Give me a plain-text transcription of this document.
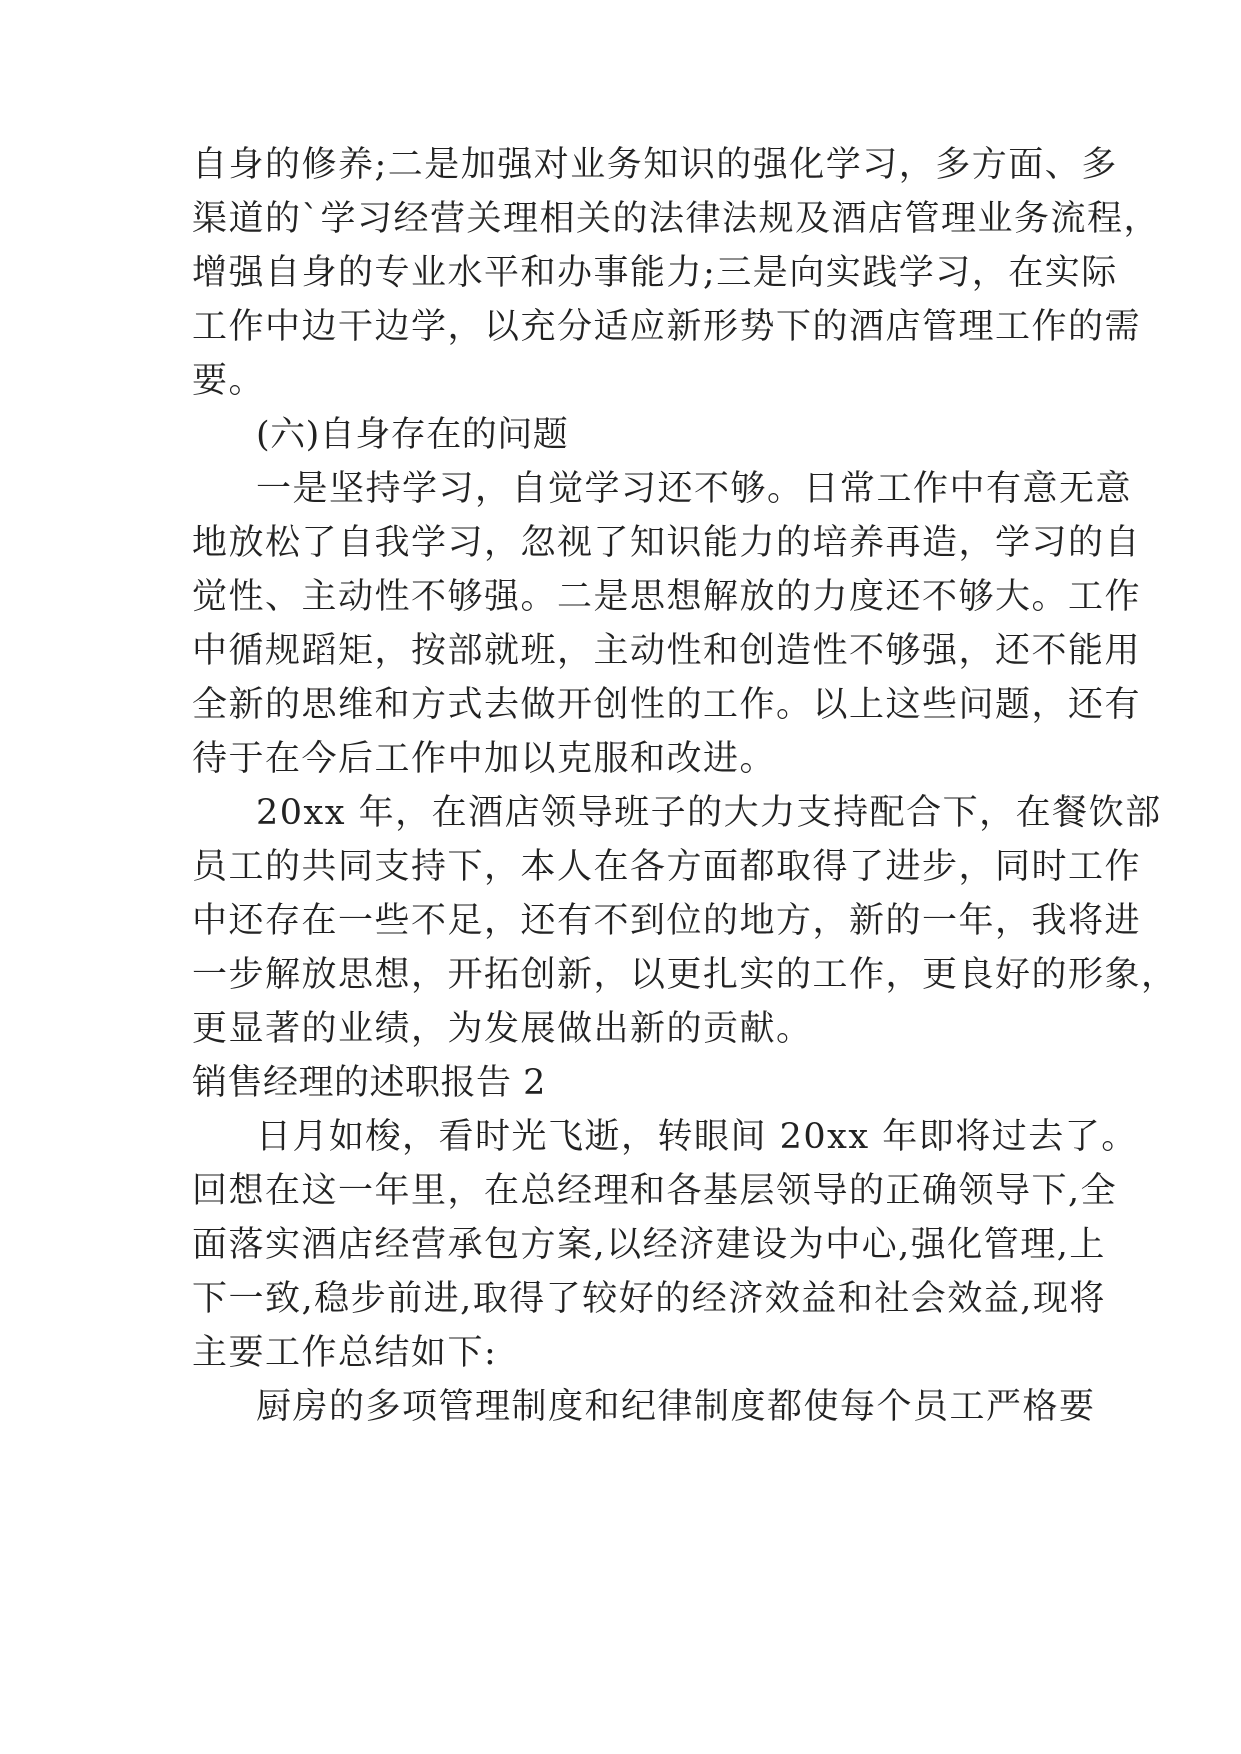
自身的修养;二是加强对业务知识的强化学习，多方面、多
渠道的`学习经营关理相关的法律法规及酒店管理业务流程，
增强自身的专业水平和办事能力;三是向实践学习，在实际
工作中边干边学，以充分适应新形势下的酒店管理工作的需
要。
(六)自身存在的问题
一是坚持学习，自觉学习还不够。日常工作中有意无意
地放松了自我学习，忽视了知识能力的培养再造，学习的自
觉性、主动性不够强。二是思想解放的力度还不够大。工作
中循规蹈矩，按部就班，主动性和创造性不够强，还不能用
全新的思维和方式去做开创性的工作。以上这些问题，还有
待于在今后工作中加以克服和改进。
20xx 年，在酒店领导班子的大力支持配合下，在餐饮部
员工的共同支持下，本人在各方面都取得了进步，同时工作
中还存在一些不足，还有不到位的地方，新的一年，我将进
一步解放思想，开拓创新，以更扎实的工作，更良好的形象，
更显著的业绩，为发展做出新的贡献。
销售经理的述职报告 2
日月如梭，看时光飞逝，转眼间 20xx 年即将过去了。
回想在这一年里，在总经理和各基层领导的正确领导下,全
面落实酒店经营承包方案,以经济建设为中心,强化管理,上
下一致,稳步前进,取得了较好的经济效益和社会效益,现将
主要工作总结如下:
厨房的多项管理制度和纪律制度都使每个员工严格要
